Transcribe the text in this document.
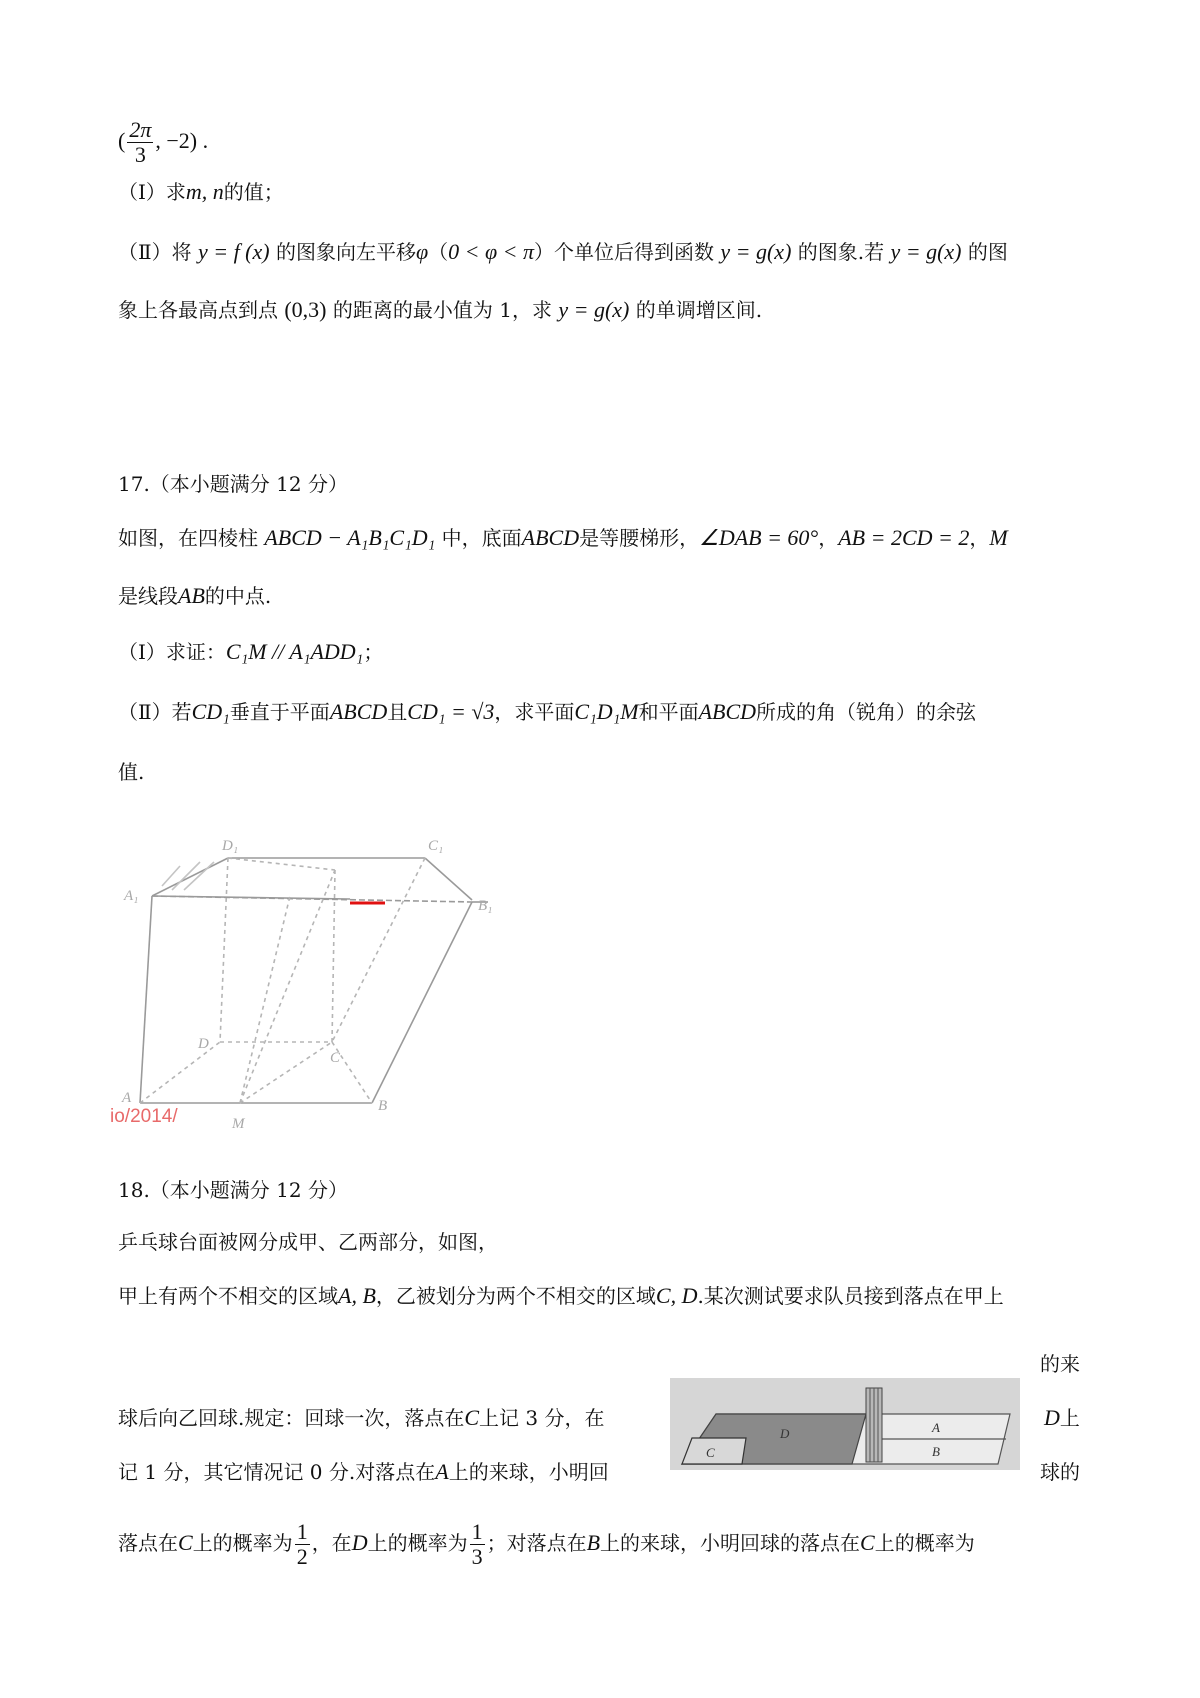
( $\frac{2\pi}{3}$ , −2) .
（Ⅰ）求m, n的值；
（Ⅱ）将 y = f (x) 的图象向左平移φ（0 < φ < π）个单位后得到函数 y = g(x) 的图象.若 y = g(x) 的图
象上各最高点到点 (0,3) 的距离的最小值为 1，求 y = g(x) 的单调增区间.
17.（本小题满分 12 分）
如图，在四棱柱 ABCD − A₁B₁C₁D₁ 中，底面ABCD是等腰梯形，∠DAB = 60°，AB = 2CD = 2，M
是线段AB的中点.
（Ⅰ）求证：C₁M // A₁ADD₁；
（Ⅱ）若CD₁垂直于平面ABCD且CD₁ = √3，求平面C₁D₁M和平面ABCD所成的角（锐角）的余弦
值.
D₁	C₁
A₁
B₁
D
C
A	B
M
io/2014/
18.（本小题满分 12 分）
乒乓球台面被网分成甲、乙两部分，如图，
甲上有两个不相交的区域A, B，乙被划分为两个不相交的区域C, D.某次测试要求队员接到落点在甲上
的来
球后向乙回球.规定：回球一次，落点在C上记 3 分，在	D上
记 1 分，其它情况记 0 分.对落点在A上的来球，小明回	球的
A
B
C
D
落点在C上的概率为 $\frac{1}{2}$ ，在D上的概率为 $\frac{1}{3}$ ；对落点在B上的来球，小明回球的落点在C上的概率为
